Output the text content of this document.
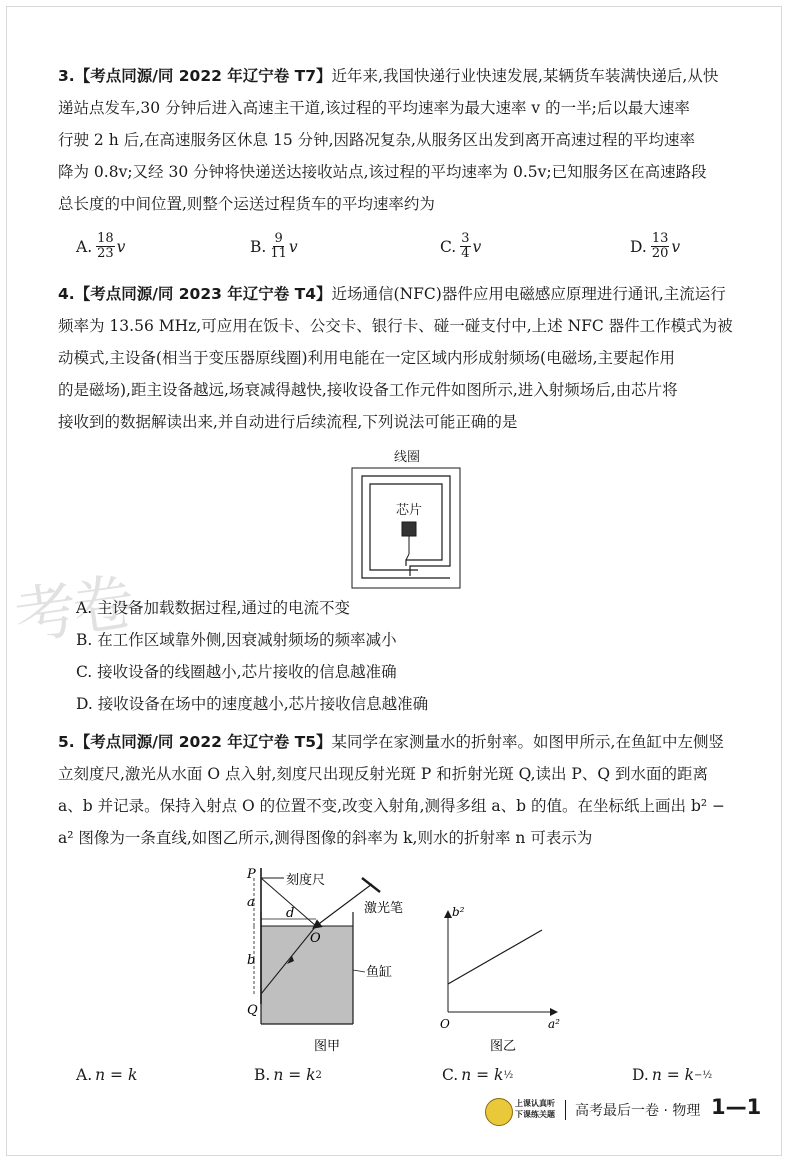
考卷
3.【考点同源/同 2022 年辽宁卷 T7】近年来,我国快递行业快速发展,某辆货车装满快递后,从快
递站点发车,30 分钟后进入高速主干道,该过程的平均速率为最大速率 v 的一半;后以最大速率
行驶 2 h 后,在高速服务区休息 15 分钟,因路况复杂,从服务区出发到离开高速过程的平均速率
降为 0.8v;又经 30 分钟将快递送达接收站点,该过程的平均速率为 0.5v;已知服务区在高速路段
总长度的中间位置,则整个运送过程货车的平均速率约为
A. $\frac{18}{23}$ v	B. $\frac{9}{11}$ v	C. $\frac{3}{4}$ v	D. $\frac{13}{20}$ v
4.【考点同源/同 2023 年辽宁卷 T4】近场通信(NFC)器件应用电磁感应原理进行通讯,主流运行
频率为 13.56 MHz,可应用在饭卡、公交卡、银行卡、碰一碰支付中,上述 NFC 器件工作模式为被
动模式,主设备(相当于变压器原线圈)利用电能在一定区域内形成射频场(电磁场,主要起作用
的是磁场),距主设备越远,场衰减得越快,接收设备工作元件如图所示,进入射频场后,由芯片将
接收到的数据解读出来,并自动进行后续流程,下列说法可能正确的是
线圈
芯片
A. 主设备加载数据过程,通过的电流不变
B. 在工作区域靠外侧,因衰减射频场的频率减小
C. 接收设备的线圈越小,芯片接收的信息越准确
D. 接收设备在场中的速度越小,芯片接收信息越准确
5.【考点同源/同 2022 年辽宁卷 T5】某同学在家测量水的折射率。如图甲所示,在鱼缸中左侧竖
立刻度尺,激光从水面 O 点入射,刻度尺出现反射光斑 P 和折射光斑 Q,读出 P、Q 到水面的距离
a、b 并记录。保持入射点 O 的位置不变,改变入射角,测得多组 a、b 的值。在坐标纸上画出 b² −
a² 图像为一条直线,如图乙所示,测得图像的斜率为 k,则水的折射率 n 可表示为
P
a
b
Q
d
O
刻度尺
激光笔
鱼缸
图甲
b²
a²
O
图乙
A. n = k	B. n = k 2	C. n = k ½	D. n = k −½
上课认真听
下课练关题 高考最后一卷 · 物理 1—1
